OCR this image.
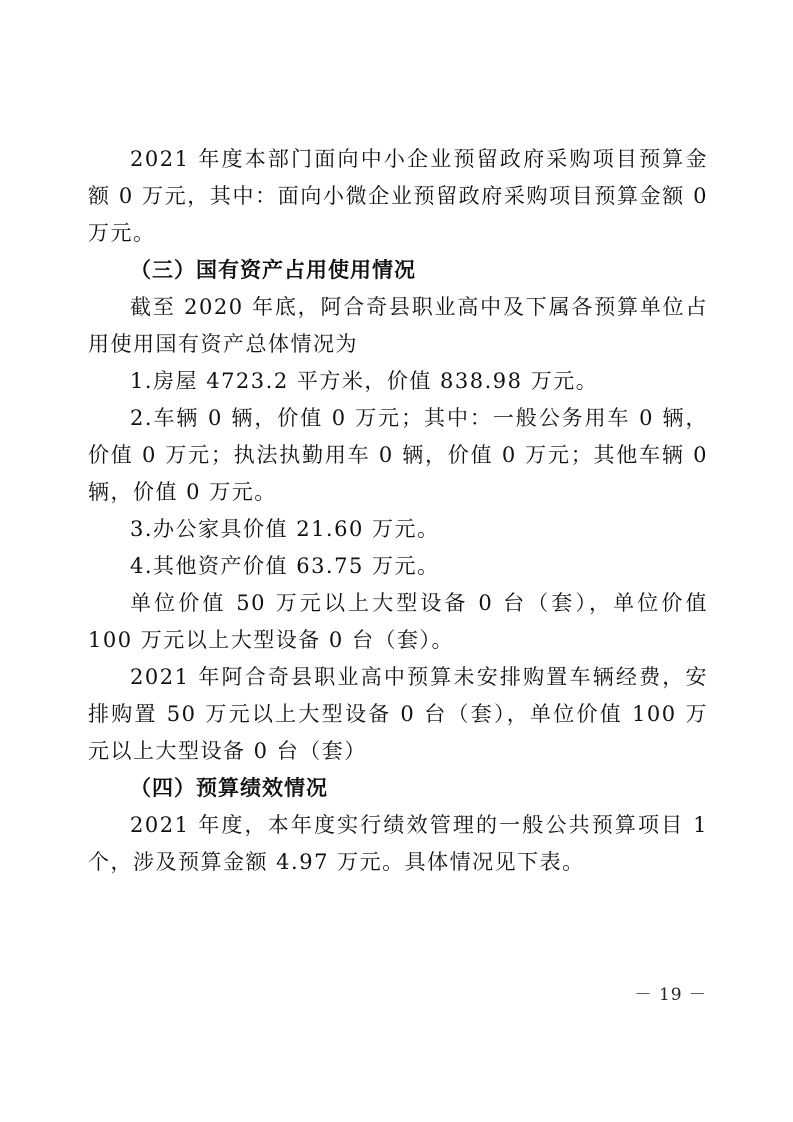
2021 年度本部门面向中小企业预留政府采购项目预算金额 0 万元，其中：面向小微企业预留政府采购项目预算金额 0 万元。

（三）国有资产占用使用情况

截至 2020 年底，阿合奇县职业高中及下属各预算单位占用使用国有资产总体情况为

1.房屋 4723.2 平方米，价值 838.98 万元。

2.车辆 0 辆，价值 0 万元；其中：一般公务用车 0 辆，价值 0 万元；执法执勤用车 0 辆，价值 0 万元；其他车辆 0 辆，价值 0 万元。

3.办公家具价值 21.60 万元。

4.其他资产价值 63.75 万元。

单位价值 50 万元以上大型设备 0 台（套），单位价值 100 万元以上大型设备 0 台（套）。

2021 年阿合奇县职业高中预算未安排购置车辆经费，安排购置 50 万元以上大型设备 0 台（套），单位价值 100 万元以上大型设备 0 台（套）

（四）预算绩效情况

2021 年度，本年度实行绩效管理的一般公共预算项目 1 个，涉及预算金额 4.97 万元。具体情况见下表。

－ 19 －
